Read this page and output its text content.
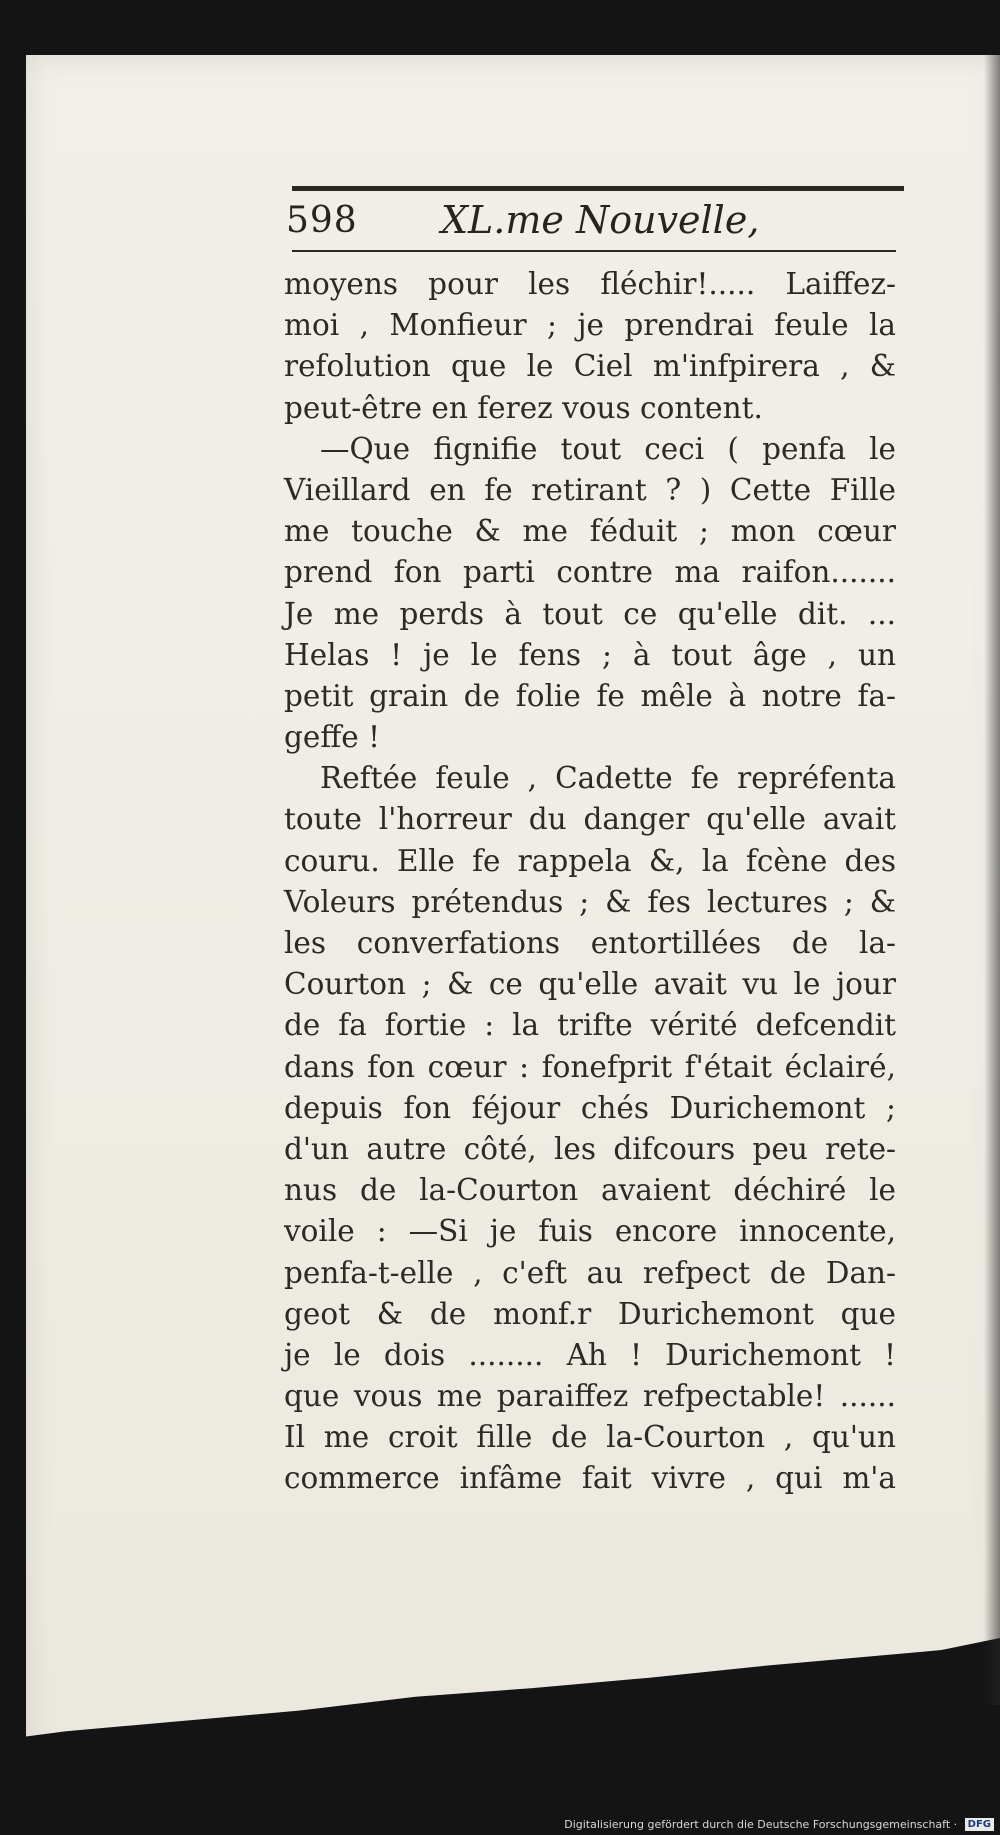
598 XL.me Nouvelle,
moyens pour les fléchir!..... Laiffez-
moi , Monfieur ; je prendrai feule la
refolution que le Ciel m'infpirera , &
peut-être en ferez vous content.
—Que fignifie tout ceci ( penfa le
Vieillard en fe retirant ? ) Cette Fille
me touche & me féduit ; mon cœur
prend fon parti contre ma raifon.......
Je me perds à tout ce qu'elle dit. ...
Helas ! je le fens ; à tout âge , un
petit grain de folie fe mêle à notre fa-
geffe !
Reftée feule , Cadette fe repréfenta
toute l'horreur du danger qu'elle avait
couru. Elle fe rappela &, la fcène des
Voleurs prétendus ; & fes lectures ; &
les converfations entortillées de la-
Courton ; & ce qu'elle avait vu le jour
de fa fortie : la trifte vérité defcendit
dans fon cœur : fonefprit f'était éclairé,
depuis fon féjour chés Durichemont ;
d'un autre côté, les difcours peu rete-
nus de la-Courton avaient déchiré le
voile : —Si je fuis encore innocente,
penfa-t-elle , c'eft au refpect de Dan-
geot & de monf.r Durichemont que
je le dois ........ Ah ! Durichemont !
que vous me paraiffez refpectable! ......
Il me croit fille de la-Courton , qu'un
commerce infâme fait vivre , qui m'a
Digitalisierung gefördert durch die Deutsche Forschungsgemeinschaft · DFG
